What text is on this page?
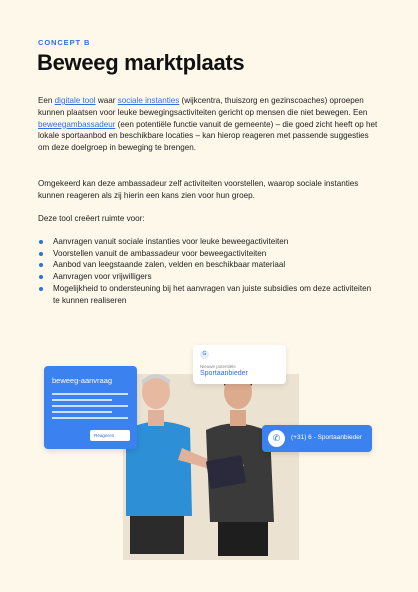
CONCEPT B
Beweeg marktplaats

Een digitale tool waar sociale instanties (wijkcentra, thuiszorg en gezinscoaches) oproepen kunnen plaatsen voor leuke bewegingsactiviteiten gericht op mensen die niet bewegen. Een beweegambassadeur (een potentiële functie vanuit de gemeente) – die goed zicht heeft op het lokale sportaanbod en beschikbare locaties – kan hierop reageren met passende suggesties om deze doelgroep in beweging te brengen.

Omgekeerd kan deze ambassadeur zelf activiteiten voorstellen, waarop sociale instanties kunnen reageren als zij hierin een kans zien voor hun groep.

Deze tool creëert ruimte voor:

Aanvragen vanuit sociale instanties voor leuke beweegactiviteiten
Voorstellen vanuit de ambassadeur voor beweegactiviteiten
Aanbod van leegstaande zalen, velden en beschikbaar materiaal
Aanvragen voor vrijwilligers
Mogelijkheid to ondersteuning bij het aanvragen van juiste subsidies om deze activiteiten te kunnen realiseren
beweeg-aanvraag
Reageren
G
Nieuwe potentiële
Sportaanbieder
✆	(+31) 6 - Sportaanbieder
